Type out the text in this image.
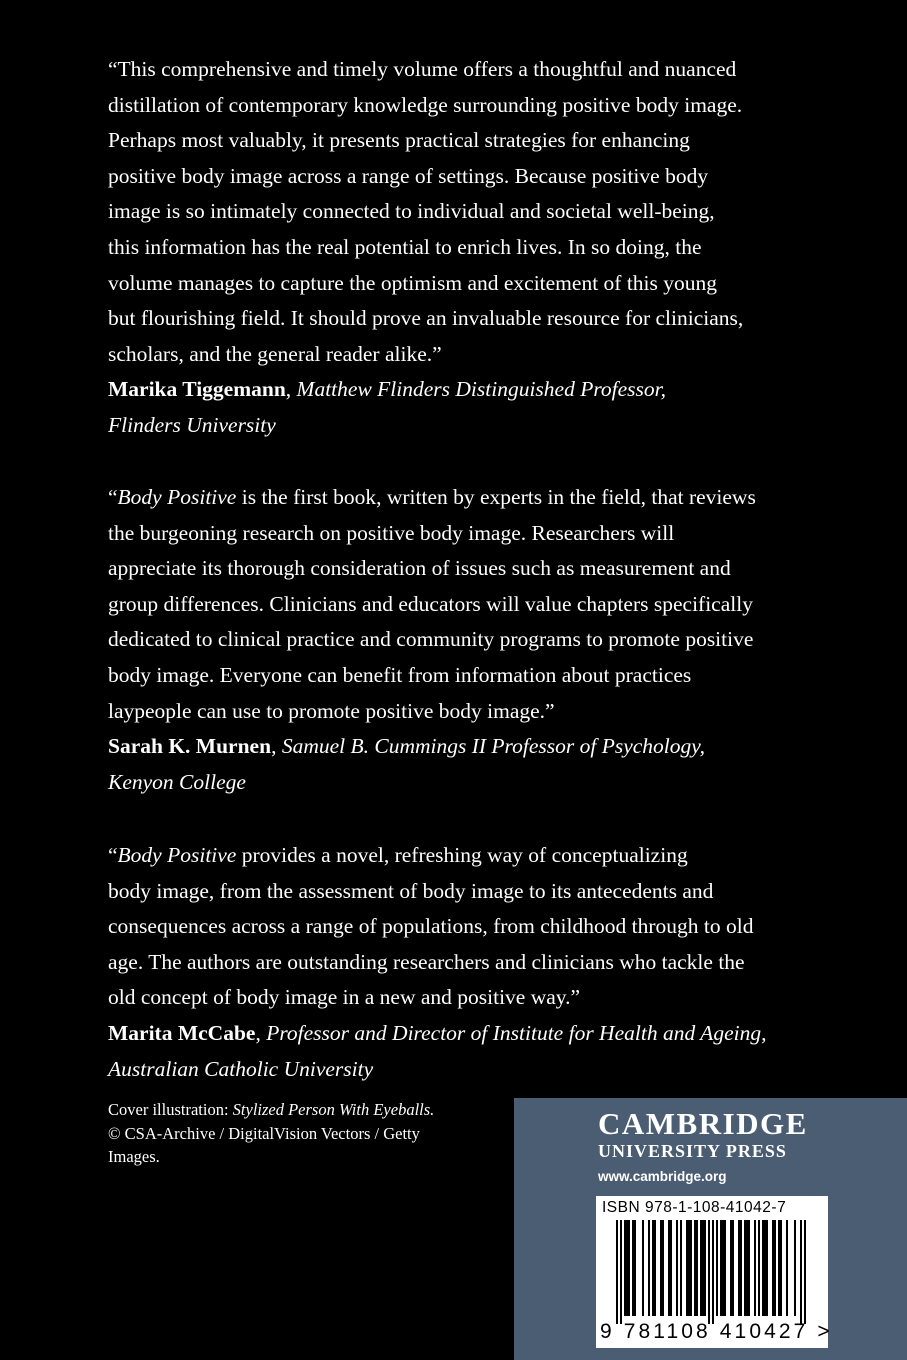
“This comprehensive and timely volume offers a thoughtful and nuanced

distillation of contemporary knowledge surrounding positive body image.

Perhaps most valuably, it presents practical strategies for enhancing

positive body image across a range of settings. Because positive body

image is so intimately connected to individual and societal well-being,

this information has the real potential to enrich lives. In so doing, the

volume manages to capture the optimism and excitement of this young

but flourishing field. It should prove an invaluable resource for clinicians,

scholars, and the general reader alike.”

Marika Tiggemann, Matthew Flinders Distinguished Professor,

Flinders University

“Body Positive is the first book, written by experts in the field, that reviews

the burgeoning research on positive body image. Researchers will

appreciate its thorough consideration of issues such as measurement and

group differences. Clinicians and educators will value chapters specifically

dedicated to clinical practice and community programs to promote positive

body image. Everyone can benefit from information about practices

laypeople can use to promote positive body image.”

Sarah K. Murnen, Samuel B. Cummings II Professor of Psychology,

Kenyon College

“Body Positive provides a novel, refreshing way of conceptualizing

body image, from the assessment of body image to its antecedents and

consequences across a range of populations, from childhood through to old

age. The authors are outstanding researchers and clinicians who tackle the

old concept of body image in a new and positive way.”

Marita McCabe, Professor and Director of Institute for Health and Ageing,

Australian Catholic University

Cover illustration: Stylized Person With Eyeballs.
© CSA-Archive / DigitalVision Vectors / Getty
Images.
CAMBRIDGE
UNIVERSITY PRESS
www.cambridge.org
ISBN 978-1-108-41042-7
9 781108 410427 >
